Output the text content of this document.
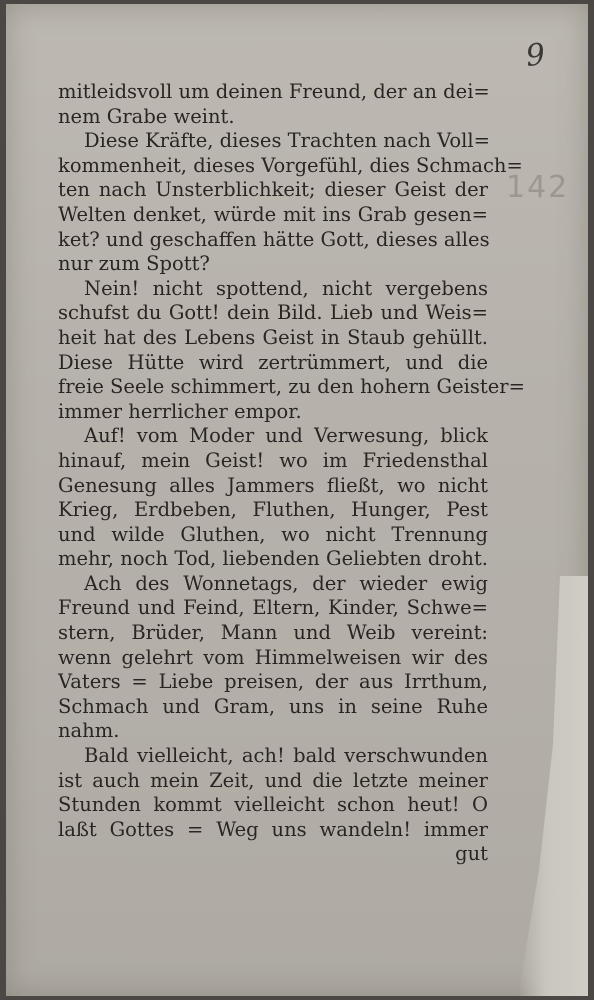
9
142
mitleidsvoll um deinen Freund, der an dei=
nem Grabe weint.
Diese Kräfte, dieses Trachten nach Voll=
kommenheit, dieses Vorgefühl, dies Schmach=
ten nach Unsterblichkeit; dieser Geist der
Welten denket, würde mit ins Grab gesen=
ket? und geschaffen hätte Gott, dieses alles
nur zum Spott?
Nein! nicht spottend, nicht vergebens
schufst du Gott! dein Bild. Lieb und Weis=
heit hat des Lebens Geist in Staub gehüllt.
Diese Hütte wird zertrümmert, und die
freie Seele schimmert, zu den hohern Geister=
immer herrlicher empor.
Auf! vom Moder und Verwesung, blick
hinauf, mein Geist! wo im Friedensthal
Genesung alles Jammers fließt, wo nicht
Krieg, Erdbeben, Fluthen, Hunger, Pest
und wilde Gluthen, wo nicht Trennung
mehr, noch Tod, liebenden Geliebten droht.
Ach des Wonnetags, der wieder ewig
Freund und Feind, Eltern, Kinder, Schwe=
stern, Brüder, Mann und Weib vereint:
wenn gelehrt vom Himmelweisen wir des
Vaters = Liebe preisen, der aus Irrthum,
Schmach und Gram, uns in seine Ruhe
nahm.
Bald vielleicht, ach! bald verschwunden
ist auch mein Zeit, und die letzte meiner
Stunden kommt vielleicht schon heut! O
laßt Gottes = Weg uns wandeln! immer
gut
